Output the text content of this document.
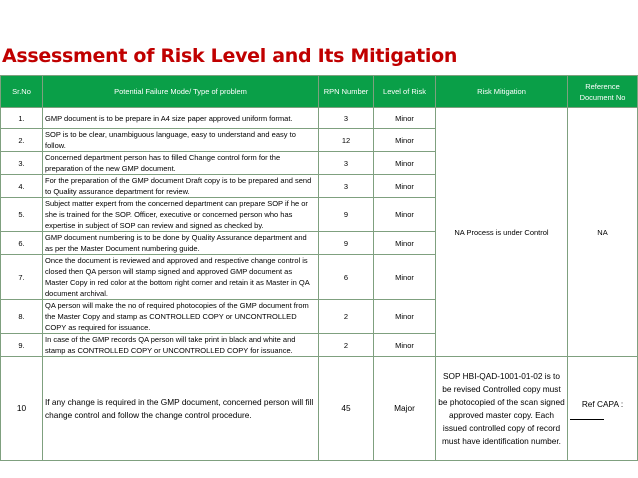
Assessment of Risk Level and Its Mitigation
Sr.No	Potential Failure Mode/ Type of problem	RPN Number	Level of Risk	Risk Mitigation	Reference Document No
1.	GMP document is to be prepare in A4 size paper approved uniform format.	3	Minor	NA Process is under Control	NA
2.	SOP is to be clear, unambiguous language, easy to understand and easy to follow.	12	Minor		
3.	Concerned department person has to filled Change control form for the preparation of the new GMP document.	3	Minor		
4.	For the preparation of the GMP document Draft copy is to be prepared and send to Quality assurance department for review.	3	Minor		
5.	Subject matter expert from the concerned department can prepare SOP if he or she is trained for the SOP. Officer, executive or concerned person who has expertise in subject of SOP can review and signed as checked by.	9	Minor		
6.	GMP document numbering is to be done by Quality Assurance department and as per the Master Document numbering guide.	9	Minor		
7.	Once the document is reviewed and approved and respective change control is closed then QA person will stamp signed and approved GMP document as Master Copy in red color at the bottom right corner and retain it as Master in QA document archival.	6	Minor		
8.	QA person will make the no of required photocopies of the GMP document from the Master Copy and stamp as CONTROLLED COPY or UNCONTROLLED COPY as required for issuance.	2	Minor		
9.	In case of the GMP records QA person will take print in black and white and stamp as CONTROLLED COPY or UNCONTROLLED COPY for issuance.	2	Minor		
10	If any change is required in the GMP document, concerned person will fill change control and follow the change control procedure.	45	Major	SOP HBI-QAD-1001-01-02 is to be revised Controlled copy must be photocopied of the scan signed approved master copy. Each issued controlled copy of record must have identification number.	Ref CAPA :
